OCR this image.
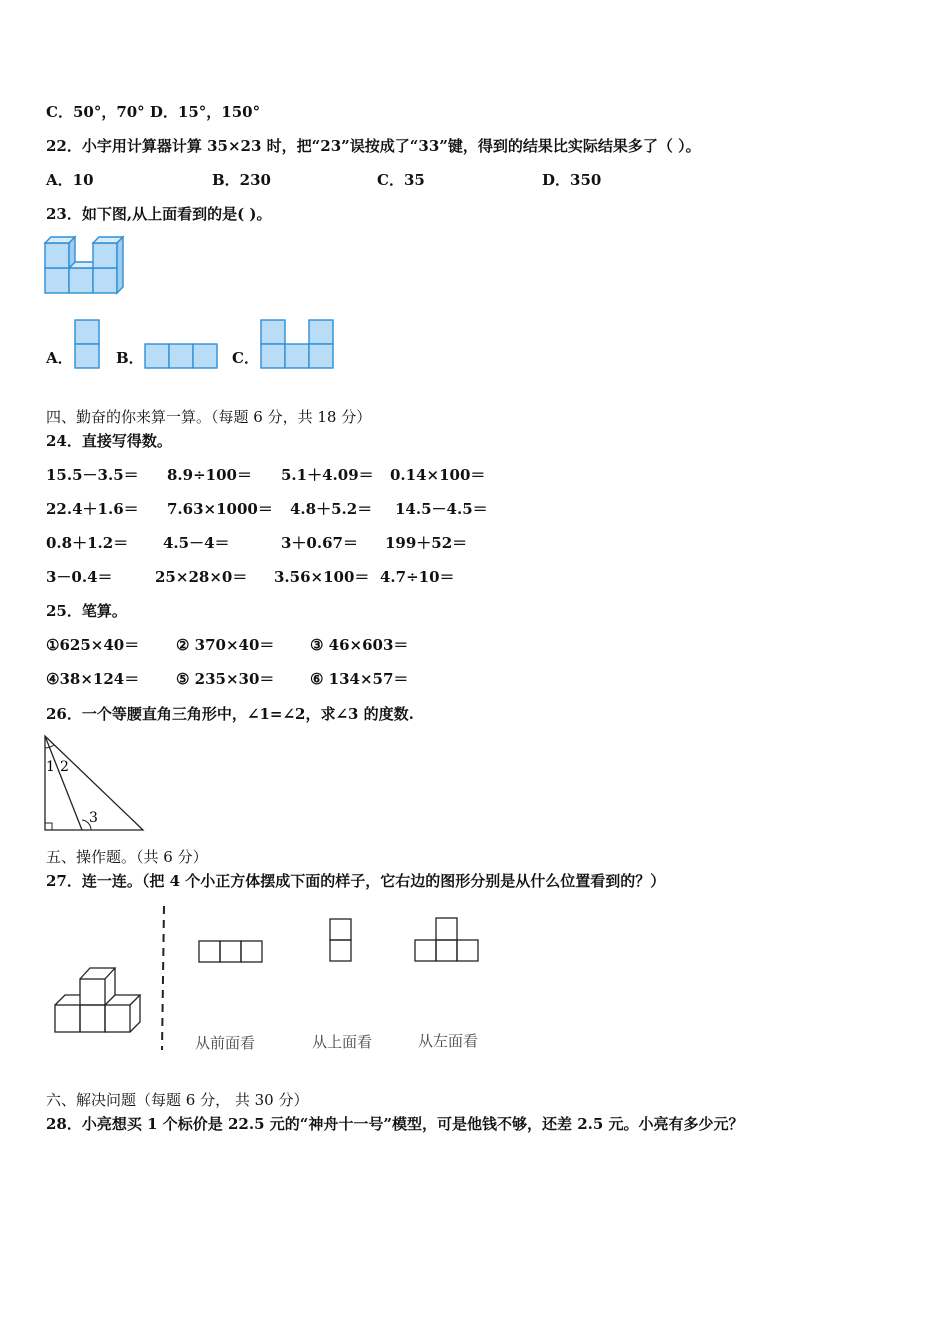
C．50°，70° D．15°，150°
22．小宇用计算器计算 35×23 时，把“23”误按成了“33”键，得到的结果比实际结果多了（ ）。
A．10	B．230	C．35	D．350
23．如下图,从上面看到的是( )。
A．	B．	C．
四、勤奋的你来算一算。（每题 6 分，共 18 分）
24．直接写得数。
15.5－3.5＝ 8.9÷100＝ 5.1＋4.09＝ 0.14×100＝
22.4＋1.6＝ 7.63×1000＝ 4.8＋5.2＝ 14.5－4.5＝
0.8＋1.2＝ 4.5－4＝	3＋0.67＝ 199＋52＝
3－0.4＝	25×28×0＝ 3.56×100＝ 4.7÷10＝
25．笔算。
①625×40＝ ② 370×40＝ ③ 46×603＝
④38×124＝ ⑤ 235×30＝ ⑥ 134×57＝
26．一个等腰直角三角形中，∠1=∠2，求∠3 的度数.
1 2
3
五、操作题。（共 6 分）
27．连一连。（把 4 个小正方体摆成下面的样子，它右边的图形分别是从什么位置看到的？）
从前面看	从上面看	从左面看
六、解决问题（每题 6 分， 共 30 分）
28．小亮想买 1 个标价是 22.5 元的“神舟十一号”模型，可是他钱不够，还差 2.5 元。小亮有多少元？
